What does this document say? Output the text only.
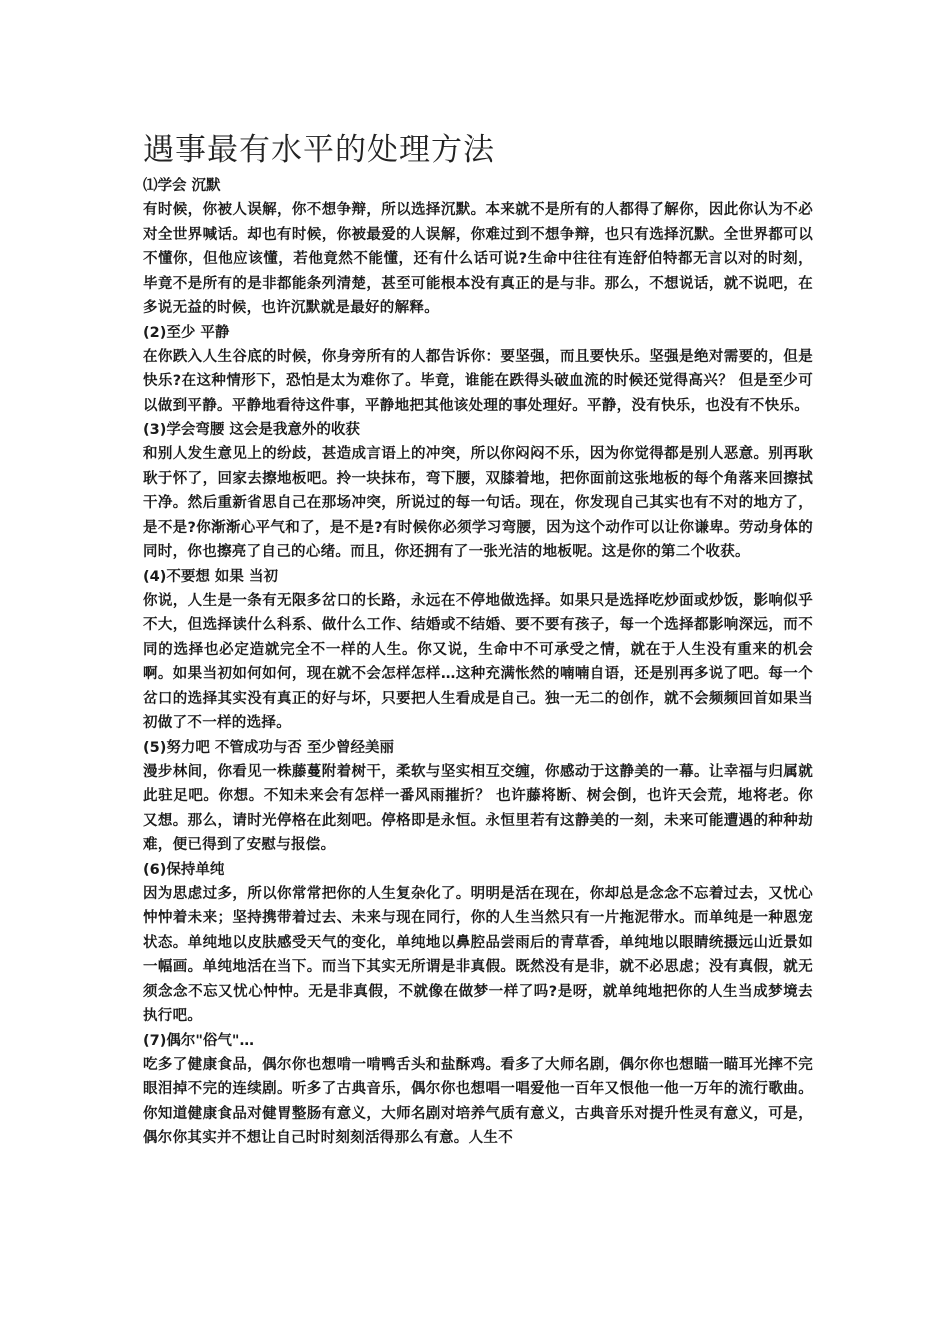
遇事最有水平的处理方法

⑴学会 沉默

有时候，你被人误解，你不想争辩，所以选择沉默。本来就不是所有的人都得了解你，因此你认为不必对全世界喊话。却也有时候，你被最爱的人误解，你难过到不想争辩，也只有选择沉默。全世界都可以不懂你，但他应该懂，若他竟然不能懂，还有什么话可说?生命中往往有连舒伯特都无言以对的时刻，毕竟不是所有的是非都能条列清楚，甚至可能根本没有真正的是与非。那么，不想说话，就不说吧，在多说无益的时候，也许沉默就是最好的解释。

(2)至少 平静

在你跌入人生谷底的时候，你身旁所有的人都告诉你：要坚强，而且要快乐。坚强是绝对需要的，但是快乐?在这种情形下，恐怕是太为难你了。毕竟，谁能在跌得头破血流的时候还觉得高兴？ 但是至少可以做到平静。平静地看待这件事，平静地把其他该处理的事处理好。平静，没有快乐，也没有不快乐。

(3)学会弯腰 这会是我意外的收获

和别人发生意见上的纷歧，甚造成言语上的冲突，所以你闷闷不乐，因为你觉得都是别人恶意。别再耿耿于怀了，回家去擦地板吧。拎一块抹布，弯下腰，双膝着地，把你面前这张地板的每个角落来回擦拭干净。然后重新省思自己在那场冲突，所说过的每一句话。现在，你发现自己其实也有不对的地方了，是不是?你渐渐心平气和了，是不是?有时候你必须学习弯腰，因为这个动作可以让你谦卑。劳动身体的同时，你也擦亮了自己的心绪。而且，你还拥有了一张光洁的地板呢。这是你的第二个收获。

(4)不要想 如果 当初

你说，人生是一条有无限多岔口的长路，永远在不停地做选择。如果只是选择吃炒面或炒饭，影响似乎不大，但选择读什么科系、做什么工作、结婚或不结婚、要不要有孩子，每一个选择都影响深远，而不同的选择也必定造就完全不一样的人生。你又说，生命中不可承受之情，就在于人生没有重来的机会啊。如果当初如何如何，现在就不会怎样怎样…这种充满怅然的喃喃自语，还是别再多说了吧。每一个岔口的选择其实没有真正的好与坏，只要把人生看成是自己。独一无二的创作，就不会频频回首如果当初做了不一样的选择。

(5)努力吧 不管成功与否 至少曾经美丽

漫步林间，你看见一株藤蔓附着树干，柔软与坚实相互交缠，你感动于这静美的一幕。让幸福与归属就此驻足吧。你想。不知未来会有怎样一番风雨摧折？ 也许藤将断、树会倒，也许天会荒，地将老。你又想。那么，请时光停格在此刻吧。停格即是永恒。永恒里若有这静美的一刻，未来可能遭遇的种种劫难，便已得到了安慰与报偿。

(6)保持单纯

因为思虑过多，所以你常常把你的人生复杂化了。明明是活在现在，你却总是念念不忘着过去，又忧心忡忡着未来；坚持携带着过去、未来与现在同行，你的人生当然只有一片拖泥带水。而单纯是一种恩宠状态。单纯地以皮肤感受天气的变化，单纯地以鼻腔品尝雨后的青草香，单纯地以眼睛统摄远山近景如一幅画。单纯地活在当下。而当下其实无所谓是非真假。既然没有是非，就不必思虑；没有真假，就无须念念不忘又忧心忡忡。无是非真假，不就像在做梦一样了吗?是呀，就单纯地把你的人生当成梦境去执行吧。

(7)偶尔"俗气"…

吃多了健康食品，偶尔你也想啃一啃鸭舌头和盐酥鸡。看多了大师名剧，偶尔你也想瞄一瞄耳光摔不完眼泪掉不完的连续剧。听多了古典音乐，偶尔你也想唱一唱爱他一百年又恨他一他一万年的流行歌曲。你知道健康食品对健胃整肠有意义，大师名剧对培养气质有意义，古典音乐对提升性灵有意义，可是，偶尔你其实并不想让自己时时刻刻活得那么有意。人生不
